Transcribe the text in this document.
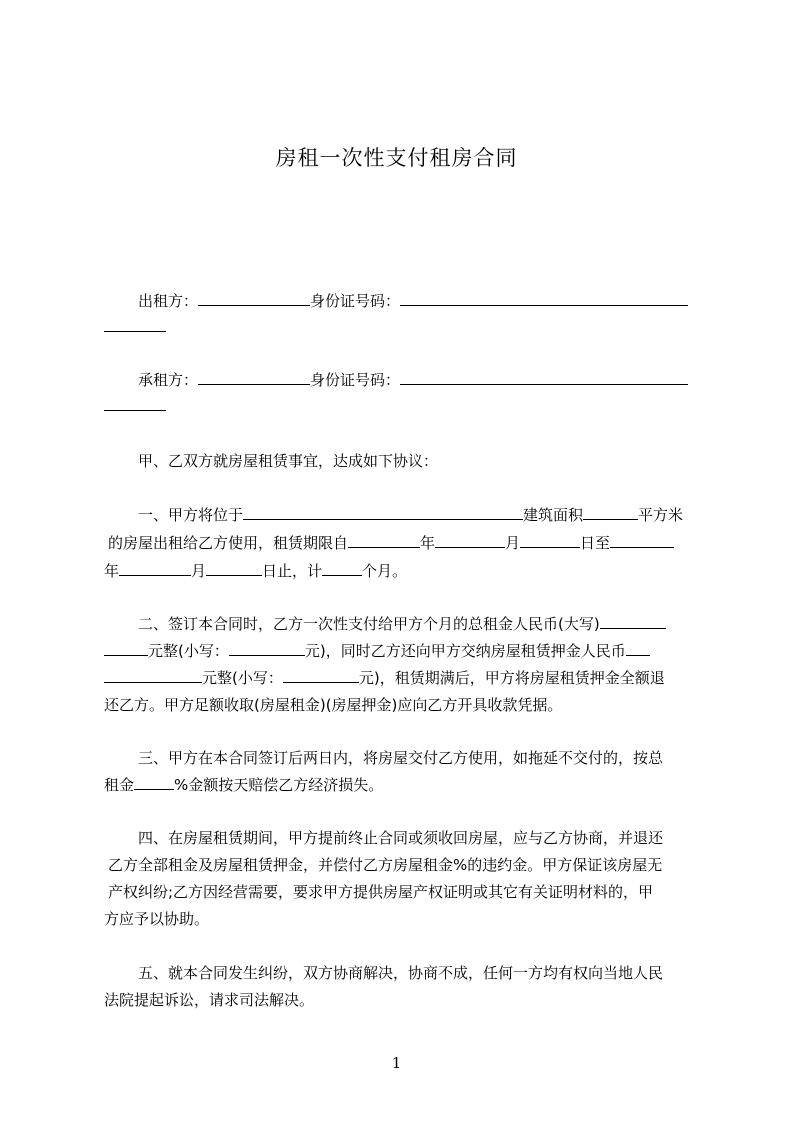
房租一次性支付租房合同
出租方：	身份证号码：
承租方：	身份证号码：
甲、乙双方就房屋租赁事宜，达成如下协议：
一、甲方将位于	建筑面积	平方米
的房屋出租给乙方使用，租赁期限自	年	月	日至
年	月	日止，计	个月。
二、签订本合同时，乙方一次性支付给甲方个月的总租金人民币(大写)
元整(小写：	元)，同时乙方还向甲方交纳房屋租赁押金人民币
元整(小写：	元)，租赁期满后，甲方将房屋租赁押金全额退
还乙方。甲方足额收取(房屋租金)(房屋押金)应向乙方开具收款凭据。
三、甲方在本合同签订后两日内，将房屋交付乙方使用，如拖延不交付的，按总
租金	%金额按天赔偿乙方经济损失。
四、在房屋租赁期间，甲方提前终止合同或须收回房屋，应与乙方协商，并退还
乙方全部租金及房屋租赁押金，并偿付乙方房屋租金%的违约金。甲方保证该房屋无
产权纠纷;乙方因经营需要，要求甲方提供房屋产权证明或其它有关证明材料的，甲
方应予以协助。
五、就本合同发生纠纷，双方协商解决，协商不成，任何一方均有权向当地人民
法院提起诉讼，请求司法解决。
1
